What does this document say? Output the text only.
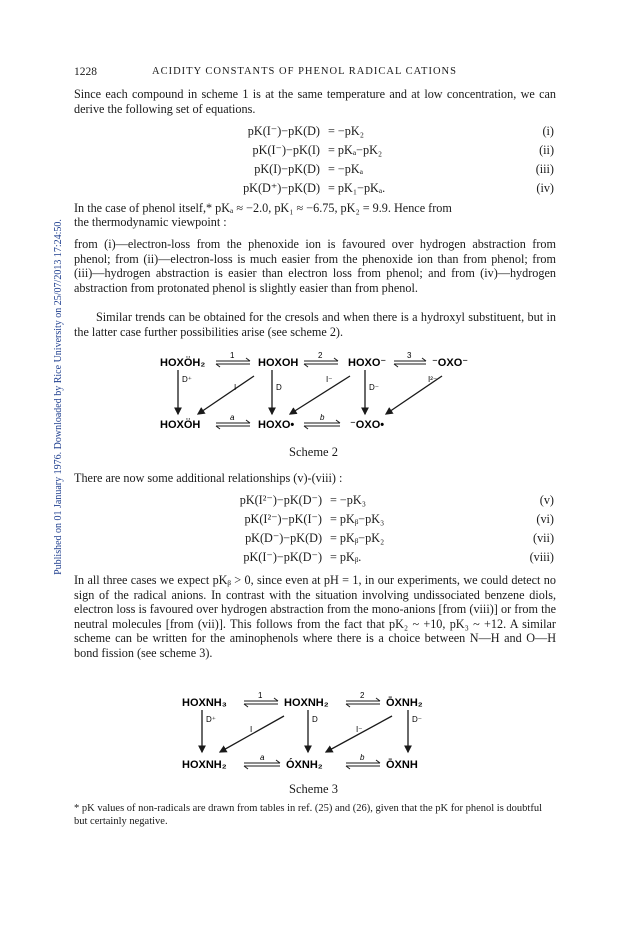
Published on 01 January 1976. Downloaded by Rice University on 25/07/2013 17:24:50.
1228	ACIDITY CONSTANTS OF PHENOL RADICAL CATIONS
Since each compound in scheme 1 is at the same temperature and at low concentration, we can derive the following set of equations.
pK(I⁻)−pK(D) = −pK₂	(i)
pK(I⁻)−pK(I) = pKₐ−pK₂	(ii)
pK(I)−pK(D) = −pKₐ	(iii)
pK(D⁺)−pK(D) = pK₁−pKₐ.	(iv)
In the case of phenol itself,* pKₐ ≈ −2.0, pK₁ ≈ −6.75, pK₂ = 9.9. Hence from
the thermodynamic viewpoint :
from (i)—electron-loss from the phenoxide ion is favoured over hydrogen abstraction from phenol; from (ii)—electron-loss is much easier from the phenoxide ion than from phenol; from (iii)—hydrogen abstraction is easier than electron loss from phenol; and from (iv)—hydrogen abstraction from protonated phenol is slightly easier than from phenol.
Similar trends can be obtained for the cresols and when there is a hydroxyl substituent, but in the latter case further possibilities arise (see scheme 2).
HOXÖH₂	HOXOH	HOXO⁻	⁻OXO⁻
1	2	3
D⁺
D	D⁻
I
I⁻	I²⁻
HOXÖH	HOXO•	⁻OXO•
a	b
Scheme 2
There are now some additional relationships (v)-(viii) :
pK(I²⁻)−pK(D⁻) = −pK₃	(v)
pK(I²⁻)−pK(I⁻) = pKᵦ−pK₃	(vi)
pK(D⁻)−pK(D) = pKᵦ−pK₂	(vii)
pK(I⁻)−pK(D⁻) = pKᵦ.	(viii)
In all three cases we expect pKᵦ > 0, since even at pH = 1, in our experiments, we could detect no sign of the radical anions. In contrast with the situation involving undissociated benzene diols, electron loss is favoured over hydrogen abstraction from the mono-anions [from (viii)] or from the neutral molecules [from (vii)]. This follows from the fact that pK₂ ~ +10, pK₃ ~ +12. A similar scheme can be written for the aminophenols where there is a choice between N—H and O—H bond fission (see scheme 3).
HOXNH₃	HOXNH₂	ŌXNH₂
1	2
D⁺	D	D⁻
I	I⁻
HOXNH₂	ÓXNH₂	ŌXNH
a	b
Scheme 3
* pK values of non-radicals are drawn from tables in ref. (25) and (26), given that the pK for phenol is doubtful but certainly negative.
